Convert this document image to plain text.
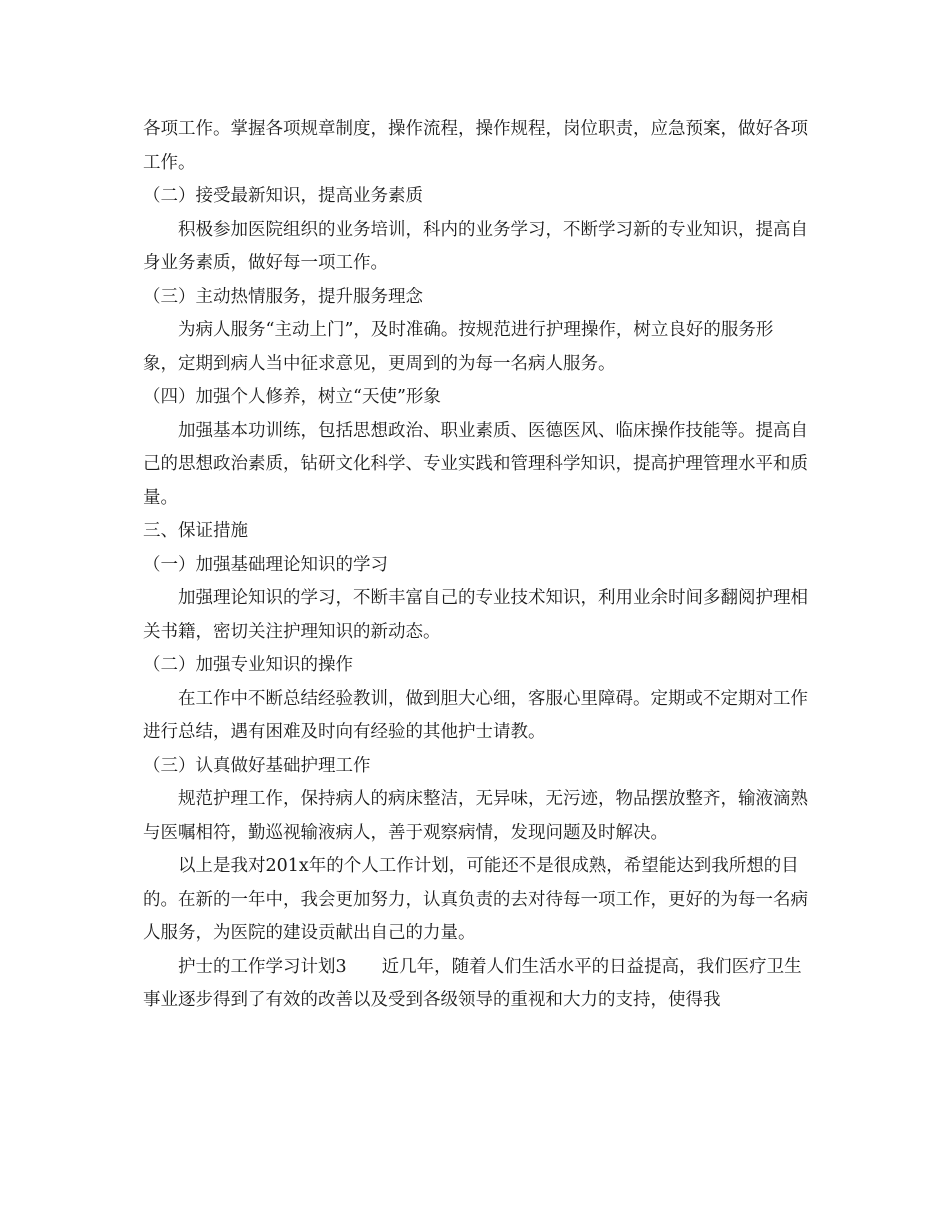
各项工作。掌握各项规章制度，操作流程，操作规程，岗位职责，应急预案，做好各项工作。

（二）接受最新知识，提高业务素质

积极参加医院组织的业务培训，科内的业务学习，不断学习新的专业知识，提高自身业务素质，做好每一项工作。

（三）主动热情服务，提升服务理念

为病人服务“主动上门”，及时准确。按规范进行护理操作，树立良好的服务形象，定期到病人当中征求意见，更周到的为每一名病人服务。

（四）加强个人修养，树立“天使”形象

加强基本功训练，包括思想政治、职业素质、医德医风、临床操作技能等。提高自己的思想政治素质，钻研文化科学、专业实践和管理科学知识，提高护理管理水平和质量。

三、保证措施

（一）加强基础理论知识的学习

加强理论知识的学习，不断丰富自己的专业技术知识，利用业余时间多翻阅护理相关书籍，密切关注护理知识的新动态。

（二）加强专业知识的操作

在工作中不断总结经验教训，做到胆大心细，客服心里障碍。定期或不定期对工作进行总结，遇有困难及时向有经验的其他护士请教。

（三）认真做好基础护理工作

规范护理工作，保持病人的病床整洁，无异味，无污迹，物品摆放整齐，输液滴熟与医嘱相符，勤巡视输液病人，善于观察病情，发现问题及时解决。

以上是我对201x年的个人工作计划，可能还不是很成熟，希望能达到我所想的目的。在新的一年中，我会更加努力，认真负责的去对待每一项工作，更好的为每一名病人服务，为医院的建设贡献出自己的力量。

护士的工作学习计划3　　近几年，随着人们生活水平的日益提高，我们医疗卫生事业逐步得到了有效的改善以及受到各级领导的重视和大力的支持，使得我
